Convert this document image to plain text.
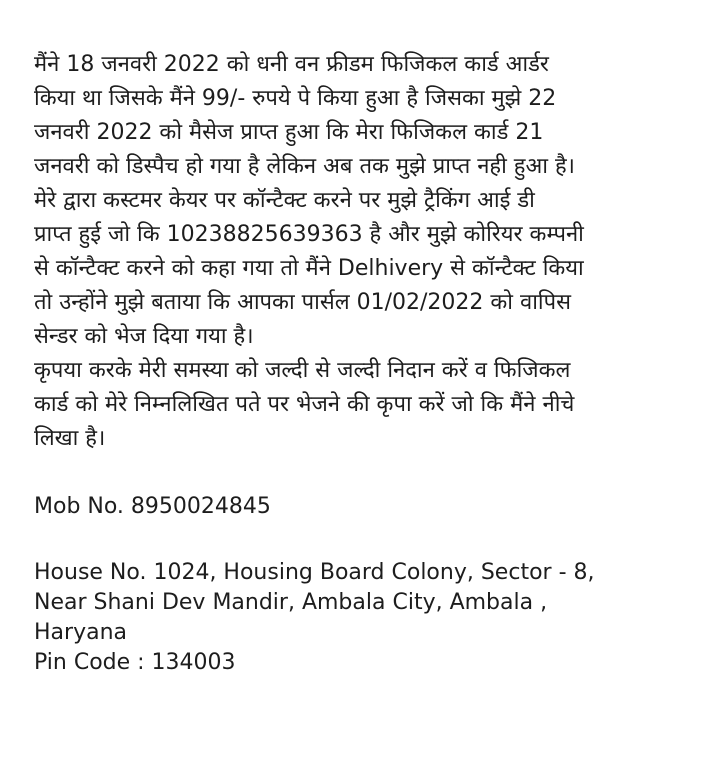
मैंने 18 जनवरी 2022 को धनी वन फ्रीडम फिजिकल कार्ड आर्डर
किया था जिसके मैंने 99/- रुपये पे किया हुआ है जिसका मुझे 22
जनवरी 2022 को मैसेज प्राप्त हुआ कि मेरा फिजिकल कार्ड 21
जनवरी को डिस्पैच हो गया है लेकिन अब तक मुझे प्राप्त नही हुआ है।
मेरे द्वारा कस्टमर केयर पर कॉन्टैक्ट करने पर मुझे ट्रैकिंग आई डी
प्राप्त हुई जो कि 10238825639363 है और मुझे कोरियर कम्पनी
से कॉन्टैक्ट करने को कहा गया तो मैंने Delhivery से कॉन्टैक्ट किया
तो उन्होंने मुझे बताया कि आपका पार्सल 01/02/2022 को वापिस
सेन्डर को भेज दिया गया है।
कृपया करके मेरी समस्या को जल्दी से जल्दी निदान करें व फिजिकल
कार्ड को मेरे निम्नलिखित पते पर भेजने की कृपा करें जो कि मैंने नीचे
लिखा है।
Mob No. 8950024845
House No. 1024, Housing Board Colony, Sector - 8,
Near Shani Dev Mandir, Ambala City, Ambala ,
Haryana
Pin Code : 134003
